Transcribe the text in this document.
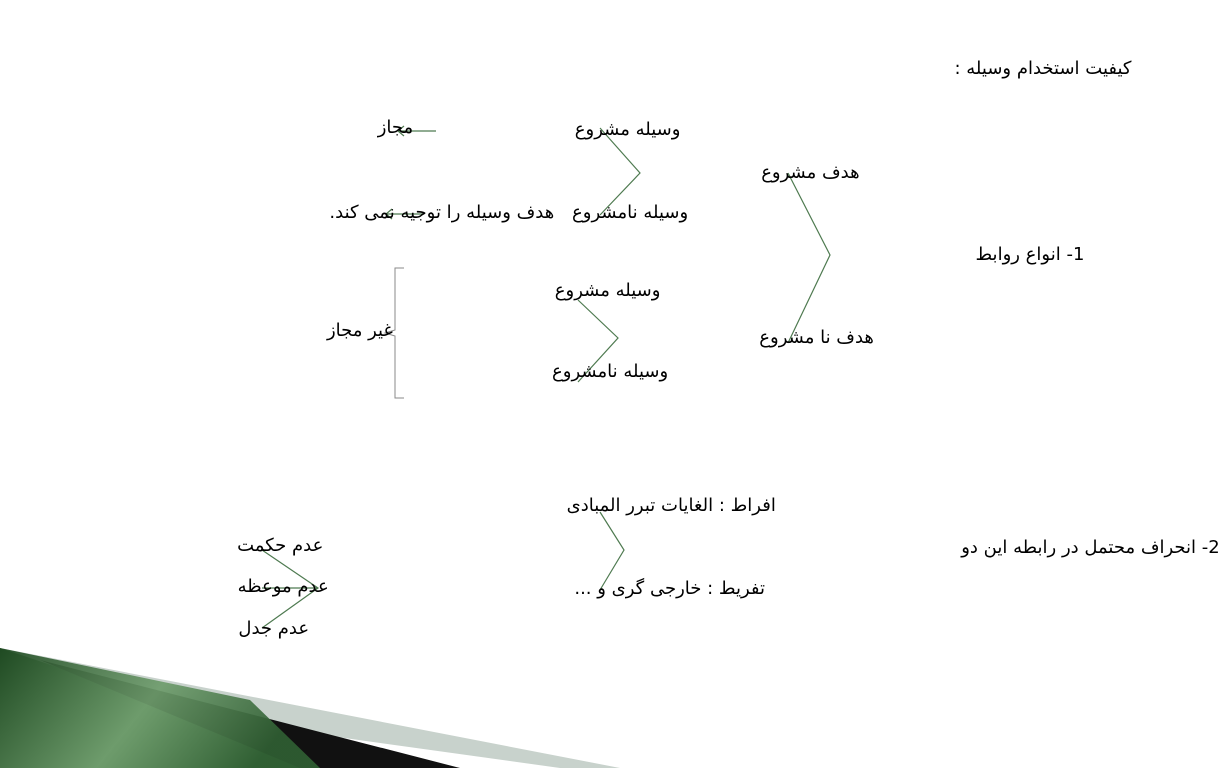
کیفیت استخدام وسیله :
1- انواع روابط
هدف مشروع
وسیله مشروع
مجاز
وسیله نامشروع
هدف وسیله را توجیه نمی کند.
هدف نا مشروع
وسیله مشروع
وسیله نامشروع
غیر مجاز
2- انحراف محتمل در رابطه این دو
افراط : الغایات تبرر المبادی
تفریط : خارجی گری و ...
عدم حکمت
عدم موعظه
عدم جدل
